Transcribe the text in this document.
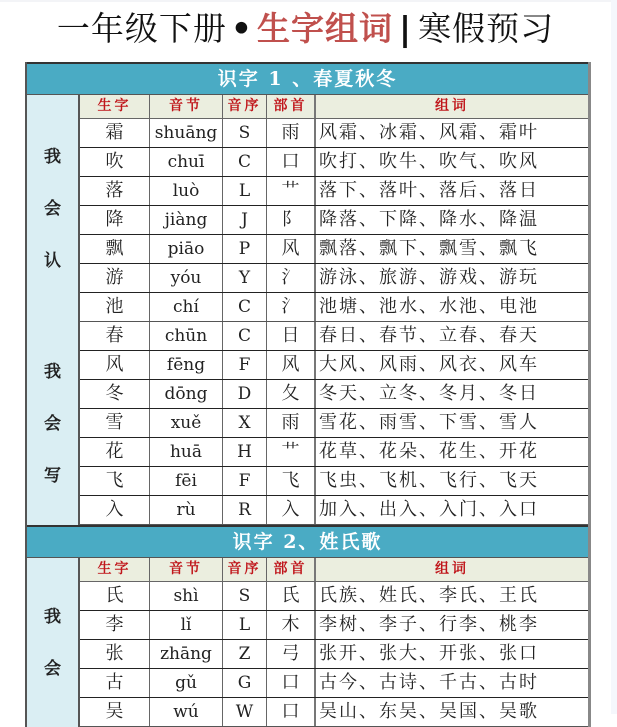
一年级下册 • 生字组词 | 寒假预习
识字 1 、春夏秋冬
我
会
认
生字	音节	音序 部首	组词
霜	shuāng	S	雨	风霜、冰霜、风霜、霜叶
吹	chuī	C	口	吹打、吹牛、吹气、吹风
落	luò	L	艹	落下、落叶、落后、落日
降	jiàng	J	阝	降落、下降、降水、降温
飘	piāo	P	风	飘落、飘下、飘雪、飘飞
游	yóu	Y	氵	游泳、旅游、游戏、游玩
池	chí	C	氵	池塘、池水、水池、电池
我
会
写
春	chūn	C	日	春日、春节、立春、春天
风	fēng	F	风	大风、风雨、风衣、风车
冬	dōng	D	夂	冬天、立冬、冬月、冬日
雪	xuě	X	雨	雪花、雨雪、下雪、雪人
花	huā	H	艹	花草、花朵、花生、开花
飞	fēi	F	飞	飞虫、飞机、飞行、飞天
入	rù	R	入	加入、出入、入门、入口
识字 2、姓氏歌
我
会
生字	音节	音序 部首	组词
氏	shì	S	氏	氏族、姓氏、李氏、王氏
李	lǐ	L	木	李树、李子、行李、桃李
张	zhāng	Z	弓	张开、张大、开张、张口
古	gǔ	G	口	古今、古诗、千古、古时
吴	wú	W	口	吴山、东吴、吴国、吴歌
